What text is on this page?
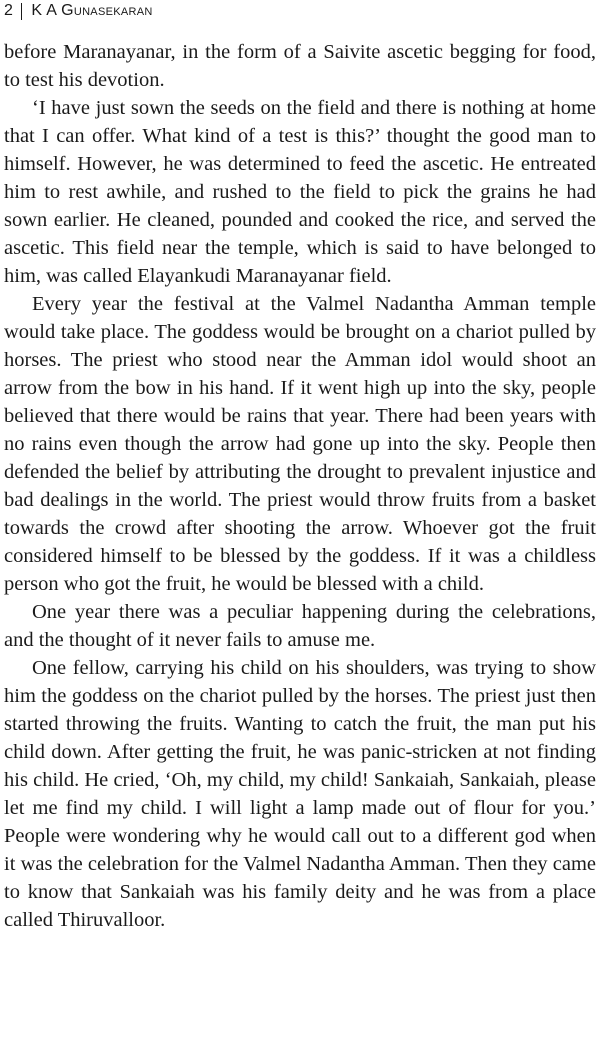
2 K A Gunasekaran

before Maranayanar, in the form of a Saivite ascetic begging for food, to test his devotion.

‘I have just sown the seeds on the field and there is nothing at home that I can offer. What kind of a test is this?’ thought the good man to himself. However, he was determined to feed the ascetic. He entreated him to rest awhile, and rushed to the field to pick the grains he had sown earlier. He cleaned, pounded and cooked the rice, and served the ascetic. This field near the temple, which is said to have belonged to him, was called Elayankudi Maranayanar field.

Every year the festival at the Valmel Nadantha Amman temple would take place. The goddess would be brought on a chariot pulled by horses. The priest who stood near the Amman idol would shoot an arrow from the bow in his hand. If it went high up into the sky, people believed that there would be rains that year. There had been years with no rains even though the arrow had gone up into the sky. People then defended the belief by attributing the drought to prevalent injustice and bad dealings in the world. The priest would throw fruits from a basket towards the crowd after shooting the arrow. Whoever got the fruit considered himself to be blessed by the goddess. If it was a childless person who got the fruit, he would be blessed with a child.

One year there was a peculiar happening during the celebrations, and the thought of it never fails to amuse me.

One fellow, carrying his child on his shoulders, was trying to show him the goddess on the chariot pulled by the horses. The priest just then started throwing the fruits. Wanting to catch the fruit, the man put his child down. After getting the fruit, he was panic-stricken at not finding his child. He cried, ‘Oh, my child, my child! Sankaiah, Sankaiah, please let me find my child. I will light a lamp made out of flour for you.’ People were wondering why he would call out to a different god when it was the celebration for the Valmel Nadantha Amman. Then they came to know that Sankaiah was his family deity and he was from a place called Thiruvalloor.
